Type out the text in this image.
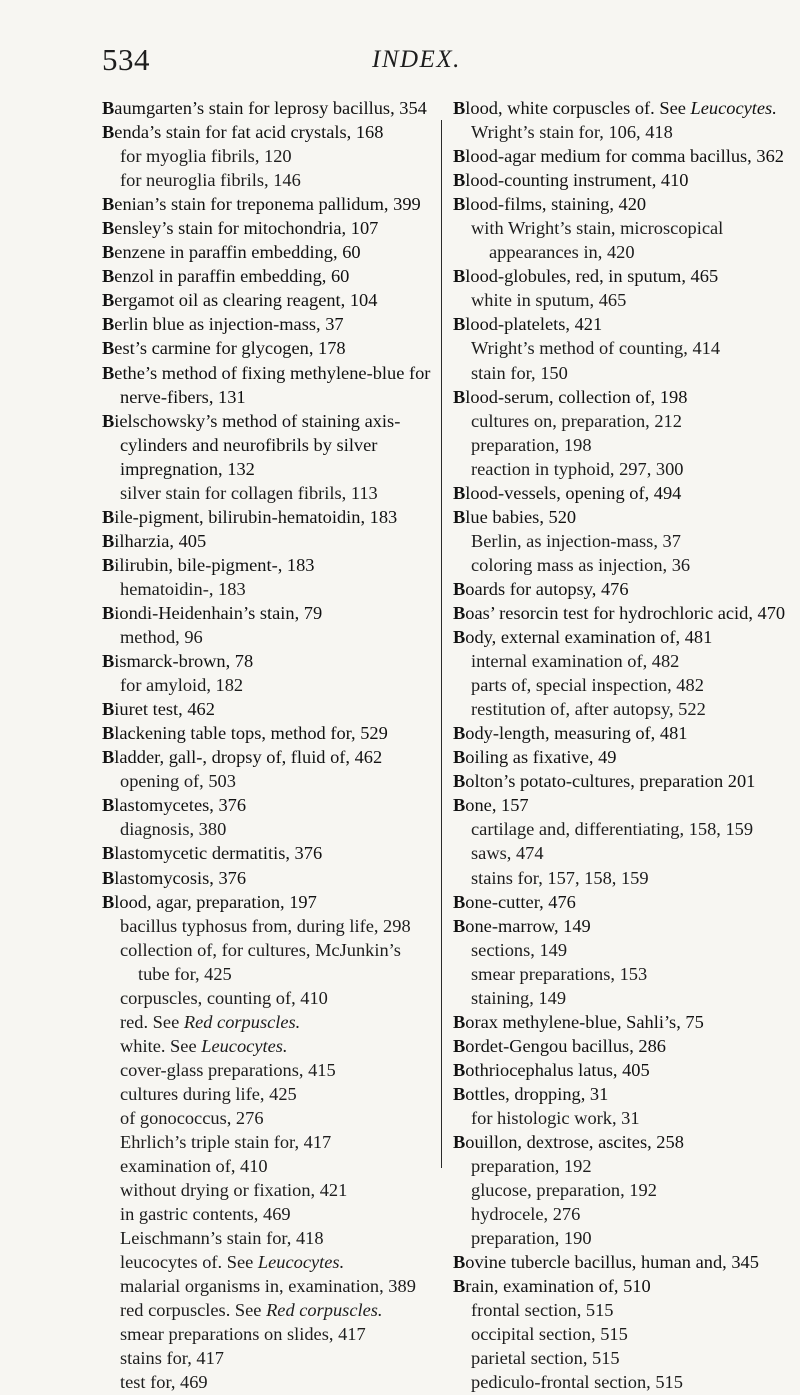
534	INDEX.
Baumgarten’s stain for leprosy bacillus, 354
Benda’s stain for fat acid crystals, 168
for myoglia fibrils, 120
for neuroglia fibrils, 146
Benian’s stain for treponema pallidum, 399
Bensley’s stain for mitochondria, 107
Benzene in paraffin embedding, 60
Benzol in paraffin embedding, 60
Bergamot oil as clearing reagent, 104
Berlin blue as injection-mass, 37
Best’s carmine for glycogen, 178
Bethe’s method of fixing methylene-blue for nerve-fibers, 131
Bielschowsky’s method of staining axis-cylinders and neurofibrils by silver impregnation, 132
silver stain for collagen fibrils, 113
Bile-pigment, bilirubin-hematoidin, 183
Bilharzia, 405
Bilirubin, bile-pigment-, 183
hematoidin-, 183
Biondi-Heidenhain’s stain, 79
method, 96
Bismarck-brown, 78
for amyloid, 182
Biuret test, 462
Blackening table tops, method for, 529
Bladder, gall-, dropsy of, fluid of, 462
opening of, 503
Blastomycetes, 376
diagnosis, 380
Blastomycetic dermatitis, 376
Blastomycosis, 376
Blood, agar, preparation, 197
bacillus typhosus from, during life, 298
collection of, for cultures, McJunkin’s tube for, 425
corpuscles, counting of, 410
red. See Red corpuscles.
white. See Leucocytes.
cover-glass preparations, 415
cultures during life, 425
of gonococcus, 276
Ehrlich’s triple stain for, 417
examination of, 410
without drying or fixation, 421
in gastric contents, 469
Leischmann’s stain for, 418
leucocytes of. See Leucocytes.
malarial organisms in, examination, 389
red corpuscles. See Red corpuscles.
smear preparations on slides, 417
stains for, 417
test for, 469
Blood, white corpuscles of. See Leucocytes.
Wright’s stain for, 106, 418
Blood-agar medium for comma bacillus, 362
Blood-counting instrument, 410
Blood-films, staining, 420
with Wright’s stain, microscopical appearances in, 420
Blood-globules, red, in sputum, 465
white in sputum, 465
Blood-platelets, 421
Wright’s method of counting, 414
stain for, 150
Blood-serum, collection of, 198
cultures on, preparation, 212
preparation, 198
reaction in typhoid, 297, 300
Blood-vessels, opening of, 494
Blue babies, 520
Berlin, as injection-mass, 37
coloring mass as injection, 36
Boards for autopsy, 476
Boas’ resorcin test for hydrochloric acid, 470
Body, external examination of, 481
internal examination of, 482
parts of, special inspection, 482
restitution of, after autopsy, 522
Body-length, measuring of, 481
Boiling as fixative, 49
Bolton’s potato-cultures, preparation 201
Bone, 157
cartilage and, differentiating, 158, 159
saws, 474
stains for, 157, 158, 159
Bone-cutter, 476
Bone-marrow, 149
sections, 149
smear preparations, 153
staining, 149
Borax methylene-blue, Sahli’s, 75
Bordet-Gengou bacillus, 286
Bothriocephalus latus, 405
Bottles, dropping, 31
for histologic work, 31
Bouillon, dextrose, ascites, 258
preparation, 192
glucose, preparation, 192
hydrocele, 276
preparation, 190
Bovine tubercle bacillus, human and, 345
Brain, examination of, 510
frontal section, 515
occipital section, 515
parietal section, 515
pediculo-frontal section, 515
